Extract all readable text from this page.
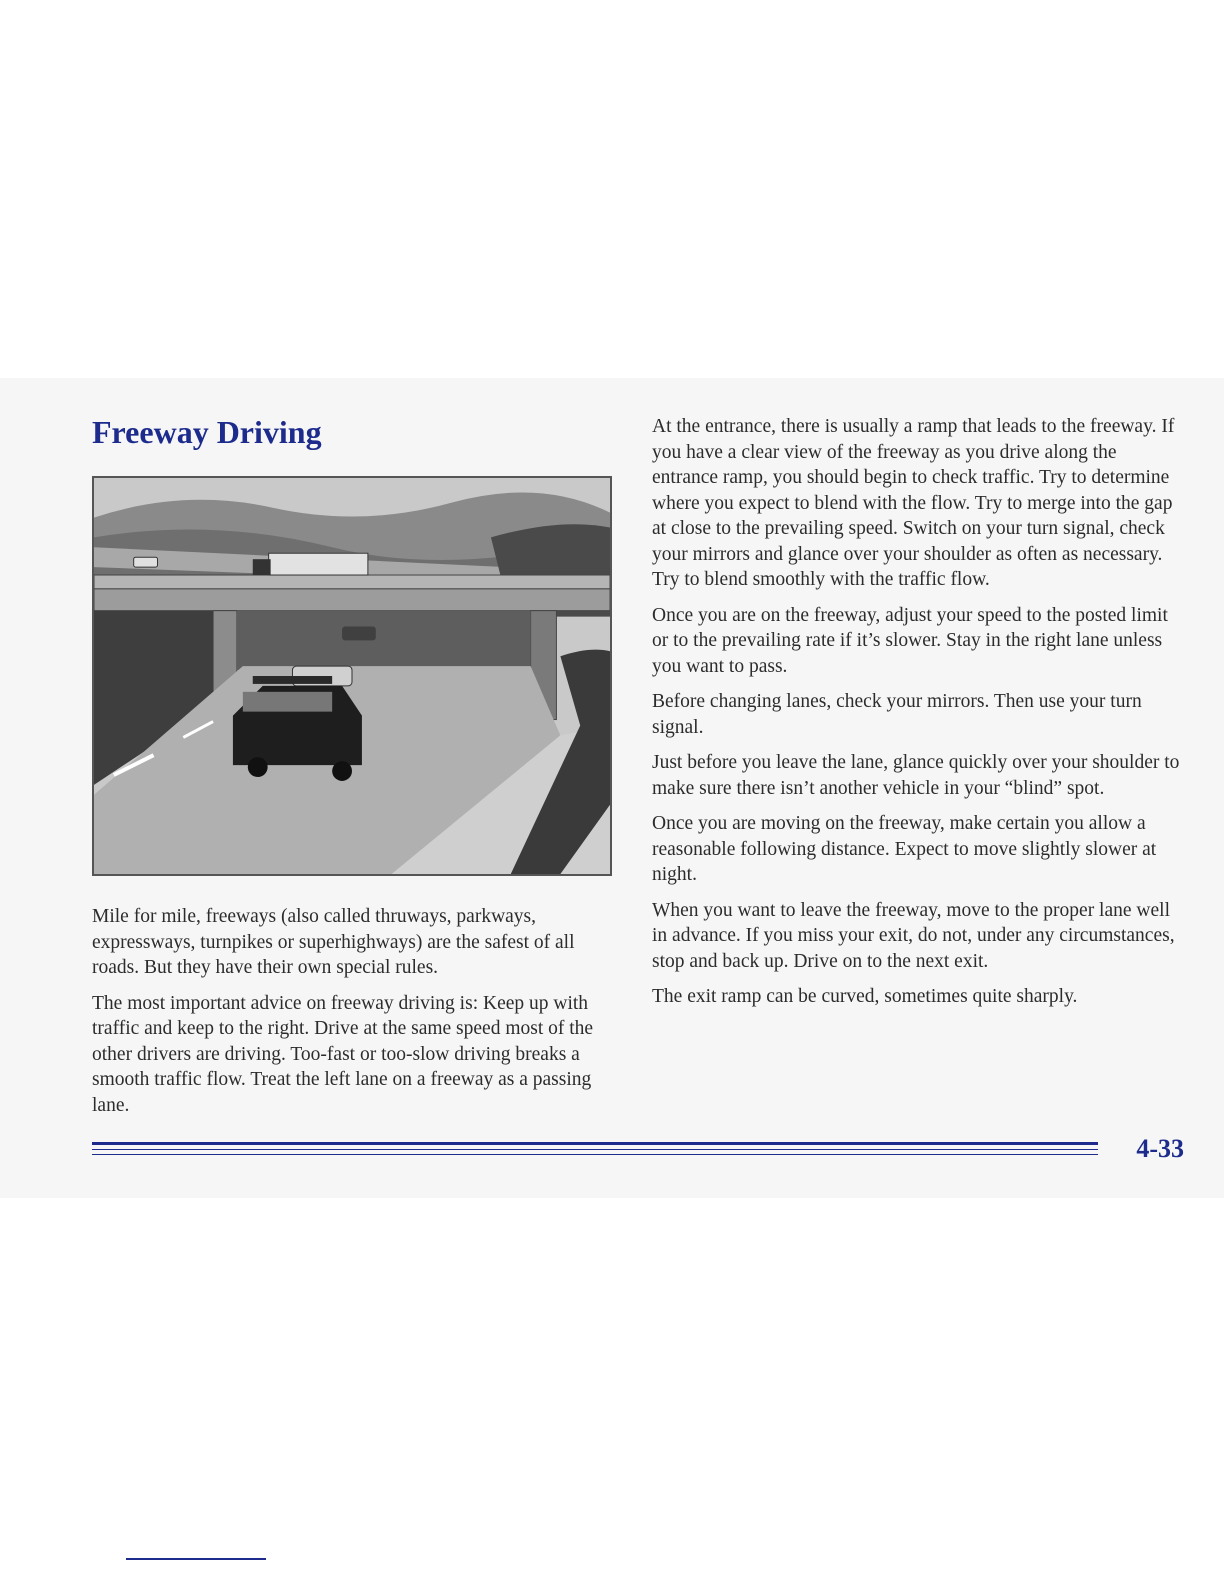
Freeway Driving

Mile for mile, freeways (also called thruways, parkways, expressways, turnpikes or superhighways) are the safest of all roads. But they have their own special rules.

The most important advice on freeway driving is: Keep up with traffic and keep to the right. Drive at the same speed most of the other drivers are driving. Too-fast or too-slow driving breaks a smooth traffic flow. Treat the left lane on a freeway as a passing lane.

At the entrance, there is usually a ramp that leads to the freeway. If you have a clear view of the freeway as you drive along the entrance ramp, you should begin to check traffic. Try to determine where you expect to blend with the flow. Try to merge into the gap at close to the prevailing speed. Switch on your turn signal, check your mirrors and glance over your shoulder as often as necessary. Try to blend smoothly with the traffic flow.

Once you are on the freeway, adjust your speed to the posted limit or to the prevailing rate if it’s slower. Stay in the right lane unless you want to pass.

Before changing lanes, check your mirrors. Then use your turn signal.

Just before you leave the lane, glance quickly over your shoulder to make sure there isn’t another vehicle in your “blind” spot.

Once you are moving on the freeway, make certain you allow a reasonable following distance. Expect to move slightly slower at night.

When you want to leave the freeway, move to the proper lane well in advance. If you miss your exit, do not, under any circumstances, stop and back up. Drive on to the next exit.

The exit ramp can be curved, sometimes quite sharply.

4-33
